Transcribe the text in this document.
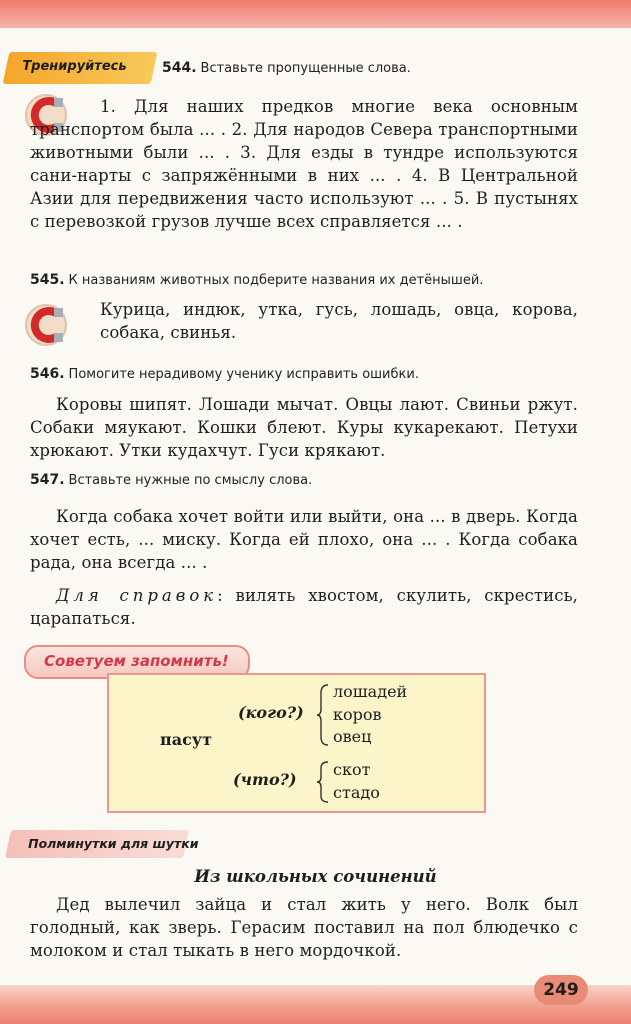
Тренируйтесь	544. Вставьте пропущенные слова.
1. Для наших предков многие века основным транспортом была ... . 2. Для народов Севера транспортными животными были ... . 3. Для езды в тундре используются сани-нарты с запряжёнными в них ... . 4. В Центральной Азии для передвижения часто используют ... . 5. В пустынях с перевозкой грузов лучше всех справляется ... .
545. К названиям животных подберите названия их детёнышей.
Курица, индюк, утка, гусь, лошадь, овца, корова, собака, свинья.
546. Помогите нерадивому ученику исправить ошибки.
Коровы шипят. Лошади мычат. Овцы лают. Свиньи ржут. Собаки мяукают. Кошки блеют. Куры кукарекают. Петухи хрюкают. Утки кудахчут. Гуси крякают.
547. Вставьте нужные по смыслу слова.
Когда собака хочет войти или выйти, она ... в дверь. Когда хочет есть, ... миску. Когда ей плохо, она ... . Когда собака рада, она всегда ... .
Для справок: вилять хвостом, скулить, скрестись, царапаться.
Советуем запомнить!
(кого?)
лошадей
коров
овец
пасут
(что?)
скот
стадо
Полминутки для шутки
Из школьных сочинений
Дед вылечил зайца и стал жить у него. Волк был голодный, как зверь. Герасим поставил на пол блюдечко с молоком и стал тыкать в него мордочкой.
249
